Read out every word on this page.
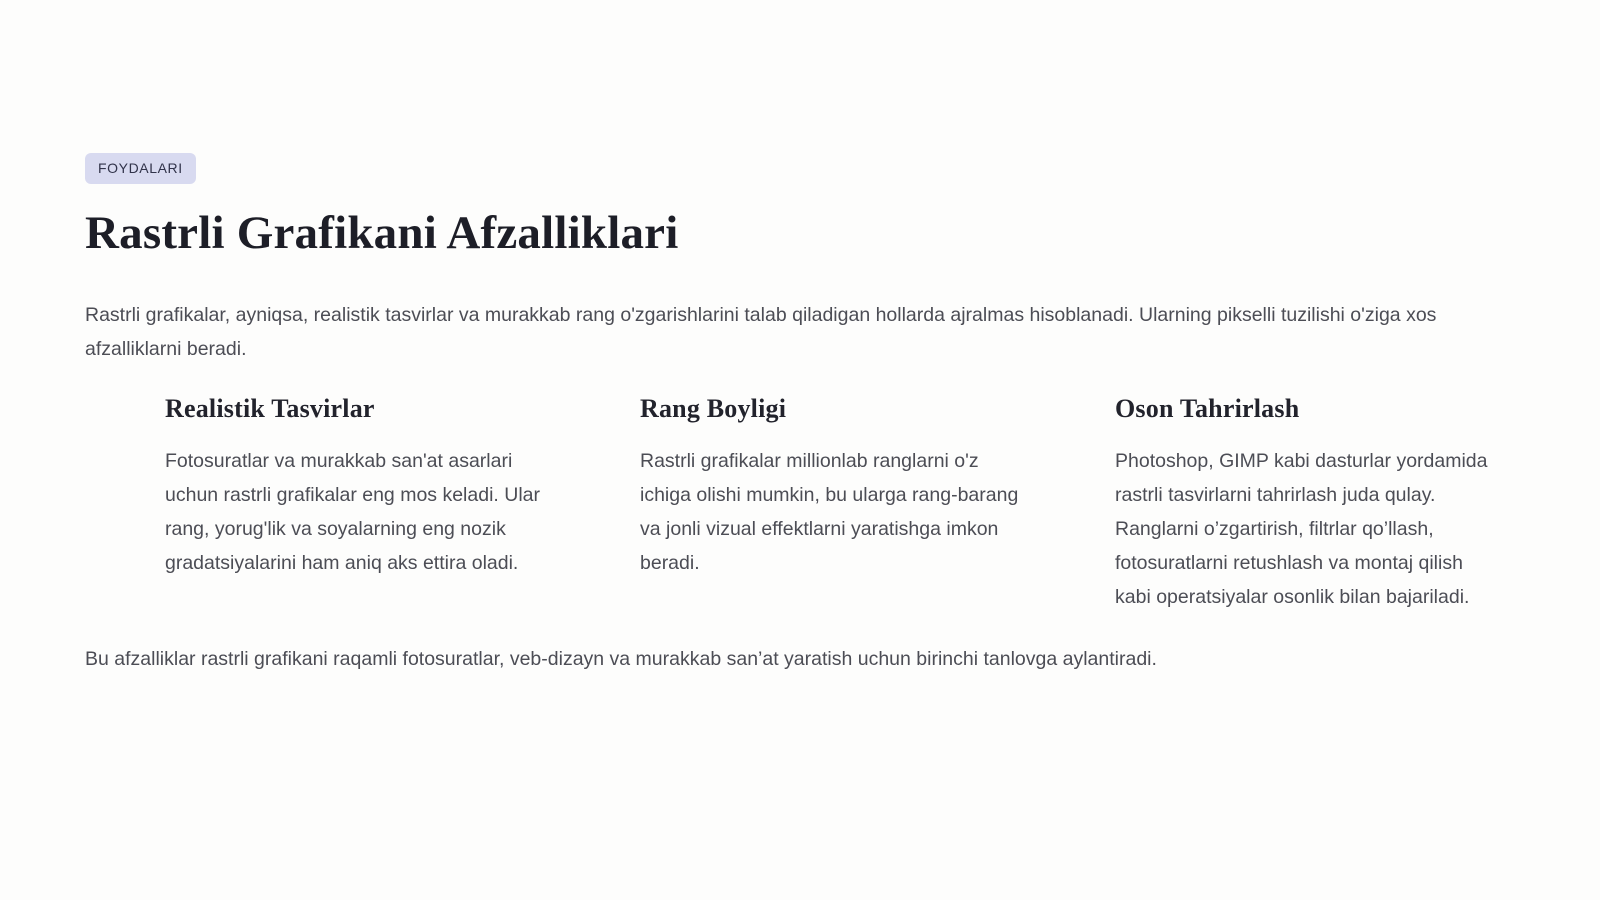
FOYDALARI
Rastrli Grafikani Afzalliklari

Rastrli grafikalar, ayniqsa, realistik tasvirlar va murakkab rang o'zgarishlarini talab qiladigan hollarda ajralmas hisoblanadi. Ularning pikselli tuzilishi o'ziga xos afzalliklarni beradi.

Realistik Tasvirlar

Fotosuratlar va murakkab san'at asarlari uchun rastrli grafikalar eng mos keladi. Ular rang, yorug'lik va soyalarning eng nozik gradatsiyalarini ham aniq aks ettira oladi.

Rang Boyligi

Rastrli grafikalar millionlab ranglarni o'z ichiga olishi mumkin, bu ularga rang-barang va jonli vizual effektlarni yaratishga imkon beradi.

Oson Tahrirlash

Photoshop, GIMP kabi dasturlar yordamida rastrli tasvirlarni tahrirlash juda qulay. Ranglarni o’zgartirish, filtrlar qo’llash, fotosuratlarni retushlash va montaj qilish kabi operatsiyalar osonlik bilan bajariladi.

Bu afzalliklar rastrli grafikani raqamli fotosuratlar, veb-dizayn va murakkab san’at yaratish uchun birinchi tanlovga aylantiradi.
